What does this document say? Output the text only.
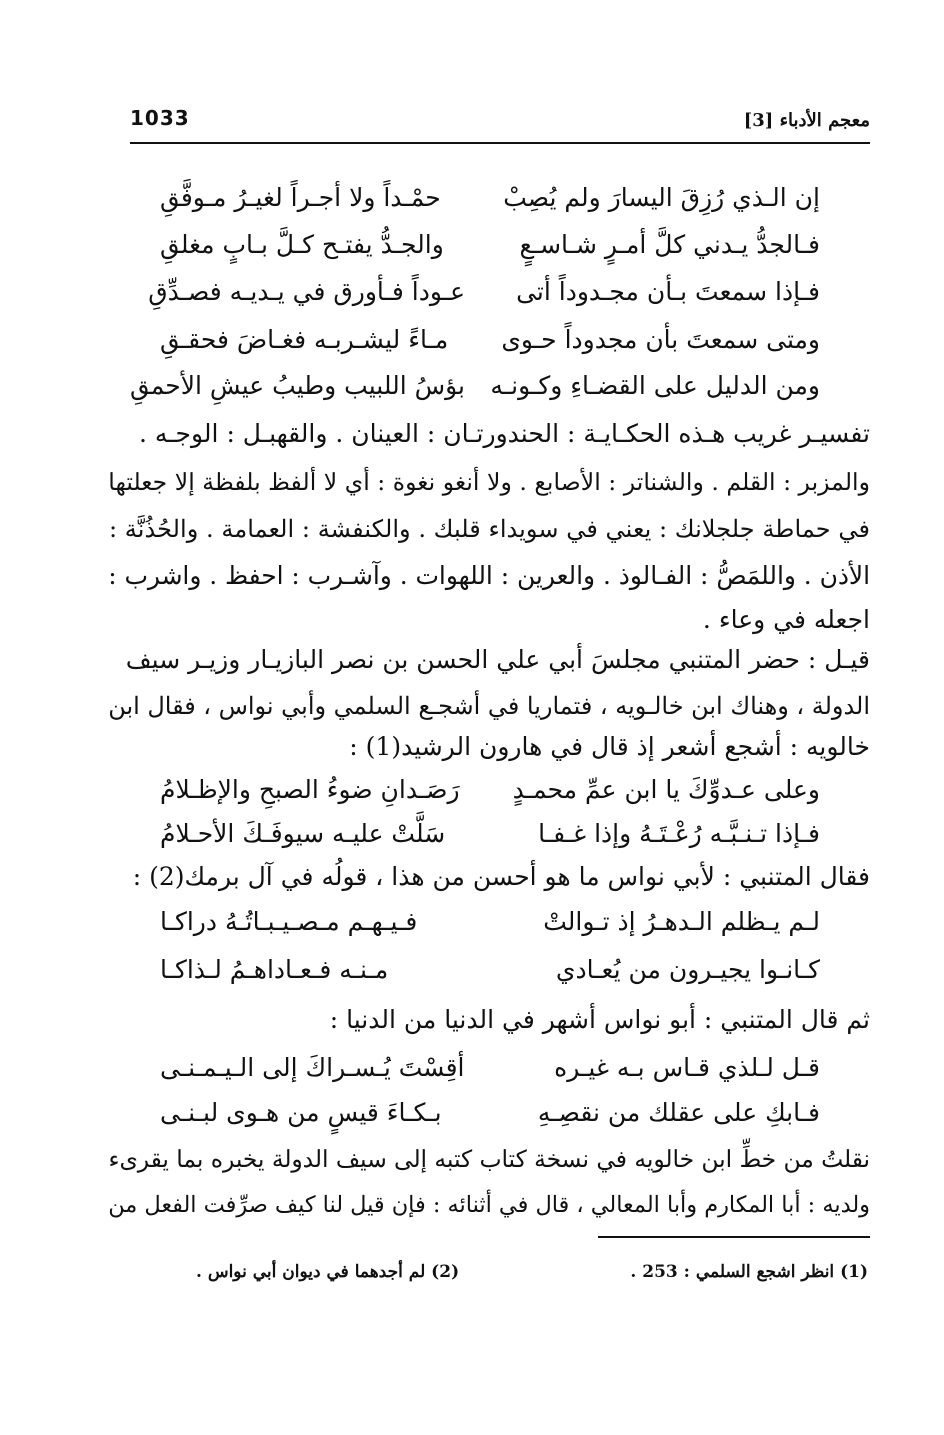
1033	معجم الأدباء [3]
إن الـذي رُزِقَ اليسارَ ولم يُصِبْ
حمْـداً ولا أجـراً لغيـرُ مـوفَّقِ
فـالجدُّ يـدني كلَّ أمـرٍ شـاسـعٍ
والجـدُّ يفتـح كـلَّ بـابٍ مغلقِ
فـإذا سمعتَ بـأن مجـدوداً أتى
عـوداً فـأورق في يـديـه فصـدِّقِ
ومتى سمعتَ بأن مجدوداً حـوى
مـاءً ليشـربـه فغـاضَ فحقـقِ
ومن الدليل على القضـاءِ وكـونـه
بؤسُ اللبيب وطيبُ عيشِ الأحمقِ
تفسيـر غريب هـذه الحكـايـة : الحندورتـان : العينان . والقهبـل : الوجـه .
والمزبر : القلم . والشناتر : الأصابع . ولا أنغو نغوة : أي لا ألفظ بلفظة إلا جعلتها
في حماطة جلجلانك : يعني في سويداء قلبك . والكنفشة : العمامة . والحُذُنَّة :
الأذن . واللمَصُّ : الفـالوذ . والعرين : اللهوات . وآشـرب : احفظ . واشرب :
اجعله في وعاء .
قيـل : حضر المتنبي مجلسَ أبي علي الحسن بن نصر البازيـار وزيـر سيف
الدولة ، وهناك ابن خالـويه ، فتماريا في أشجـع السلمي وأبي نواس ، فقال ابن
خالويه : أشجع أشعر إذ قال في هارون الرشيد(1) :
وعلى عـدوِّكَ يا ابن عمِّ محمـدٍ
رَصَـدانِ ضوءُ الصبحِ والإظـلامُ
فـإذا تـنـبَّـه رُعْـتَـهُ وإذا غـفـا
سَلَّتْ عليـه سيوفَـكَ الأحـلامُ
فقال المتنبي : لأبي نواس ما هو أحسن من هذا ، قولُه في آل برمك(2) :
لـم يـظلم الـدهـرُ إذ تـوالتْ
فـيـهـم مـصـيـبـاتُـهُ دراكـا
كـانـوا يجيـرون من يُعـادي
مـنـه فـعـاداهـمُ لـذاكـا
ثم قال المتنبي : أبو نواس أشهر في الدنيا من الدنيا :
قـل لـلذي قـاس بـه غيـره
أقِسْتَ يُـسـراكَ إلى الـيـمـنـى
فـابكِ على عقلك من نقصِـهِ
بـكـاءَ قيسٍ من هـوى لبـنـى
نقلتُ من خطِّ ابن خالويه في نسخة كتاب كتبه إلى سيف الدولة يخبره بما يقرىء
ولديه : أبا المكارم وأبا المعالي ، قال في أثنائه : فإن قيل لنا كيف صرِّفت الفعل من
(1) انظر اشجع السلمي : 253 .
(2) لم أجدهما في ديوان أبي نواس .
